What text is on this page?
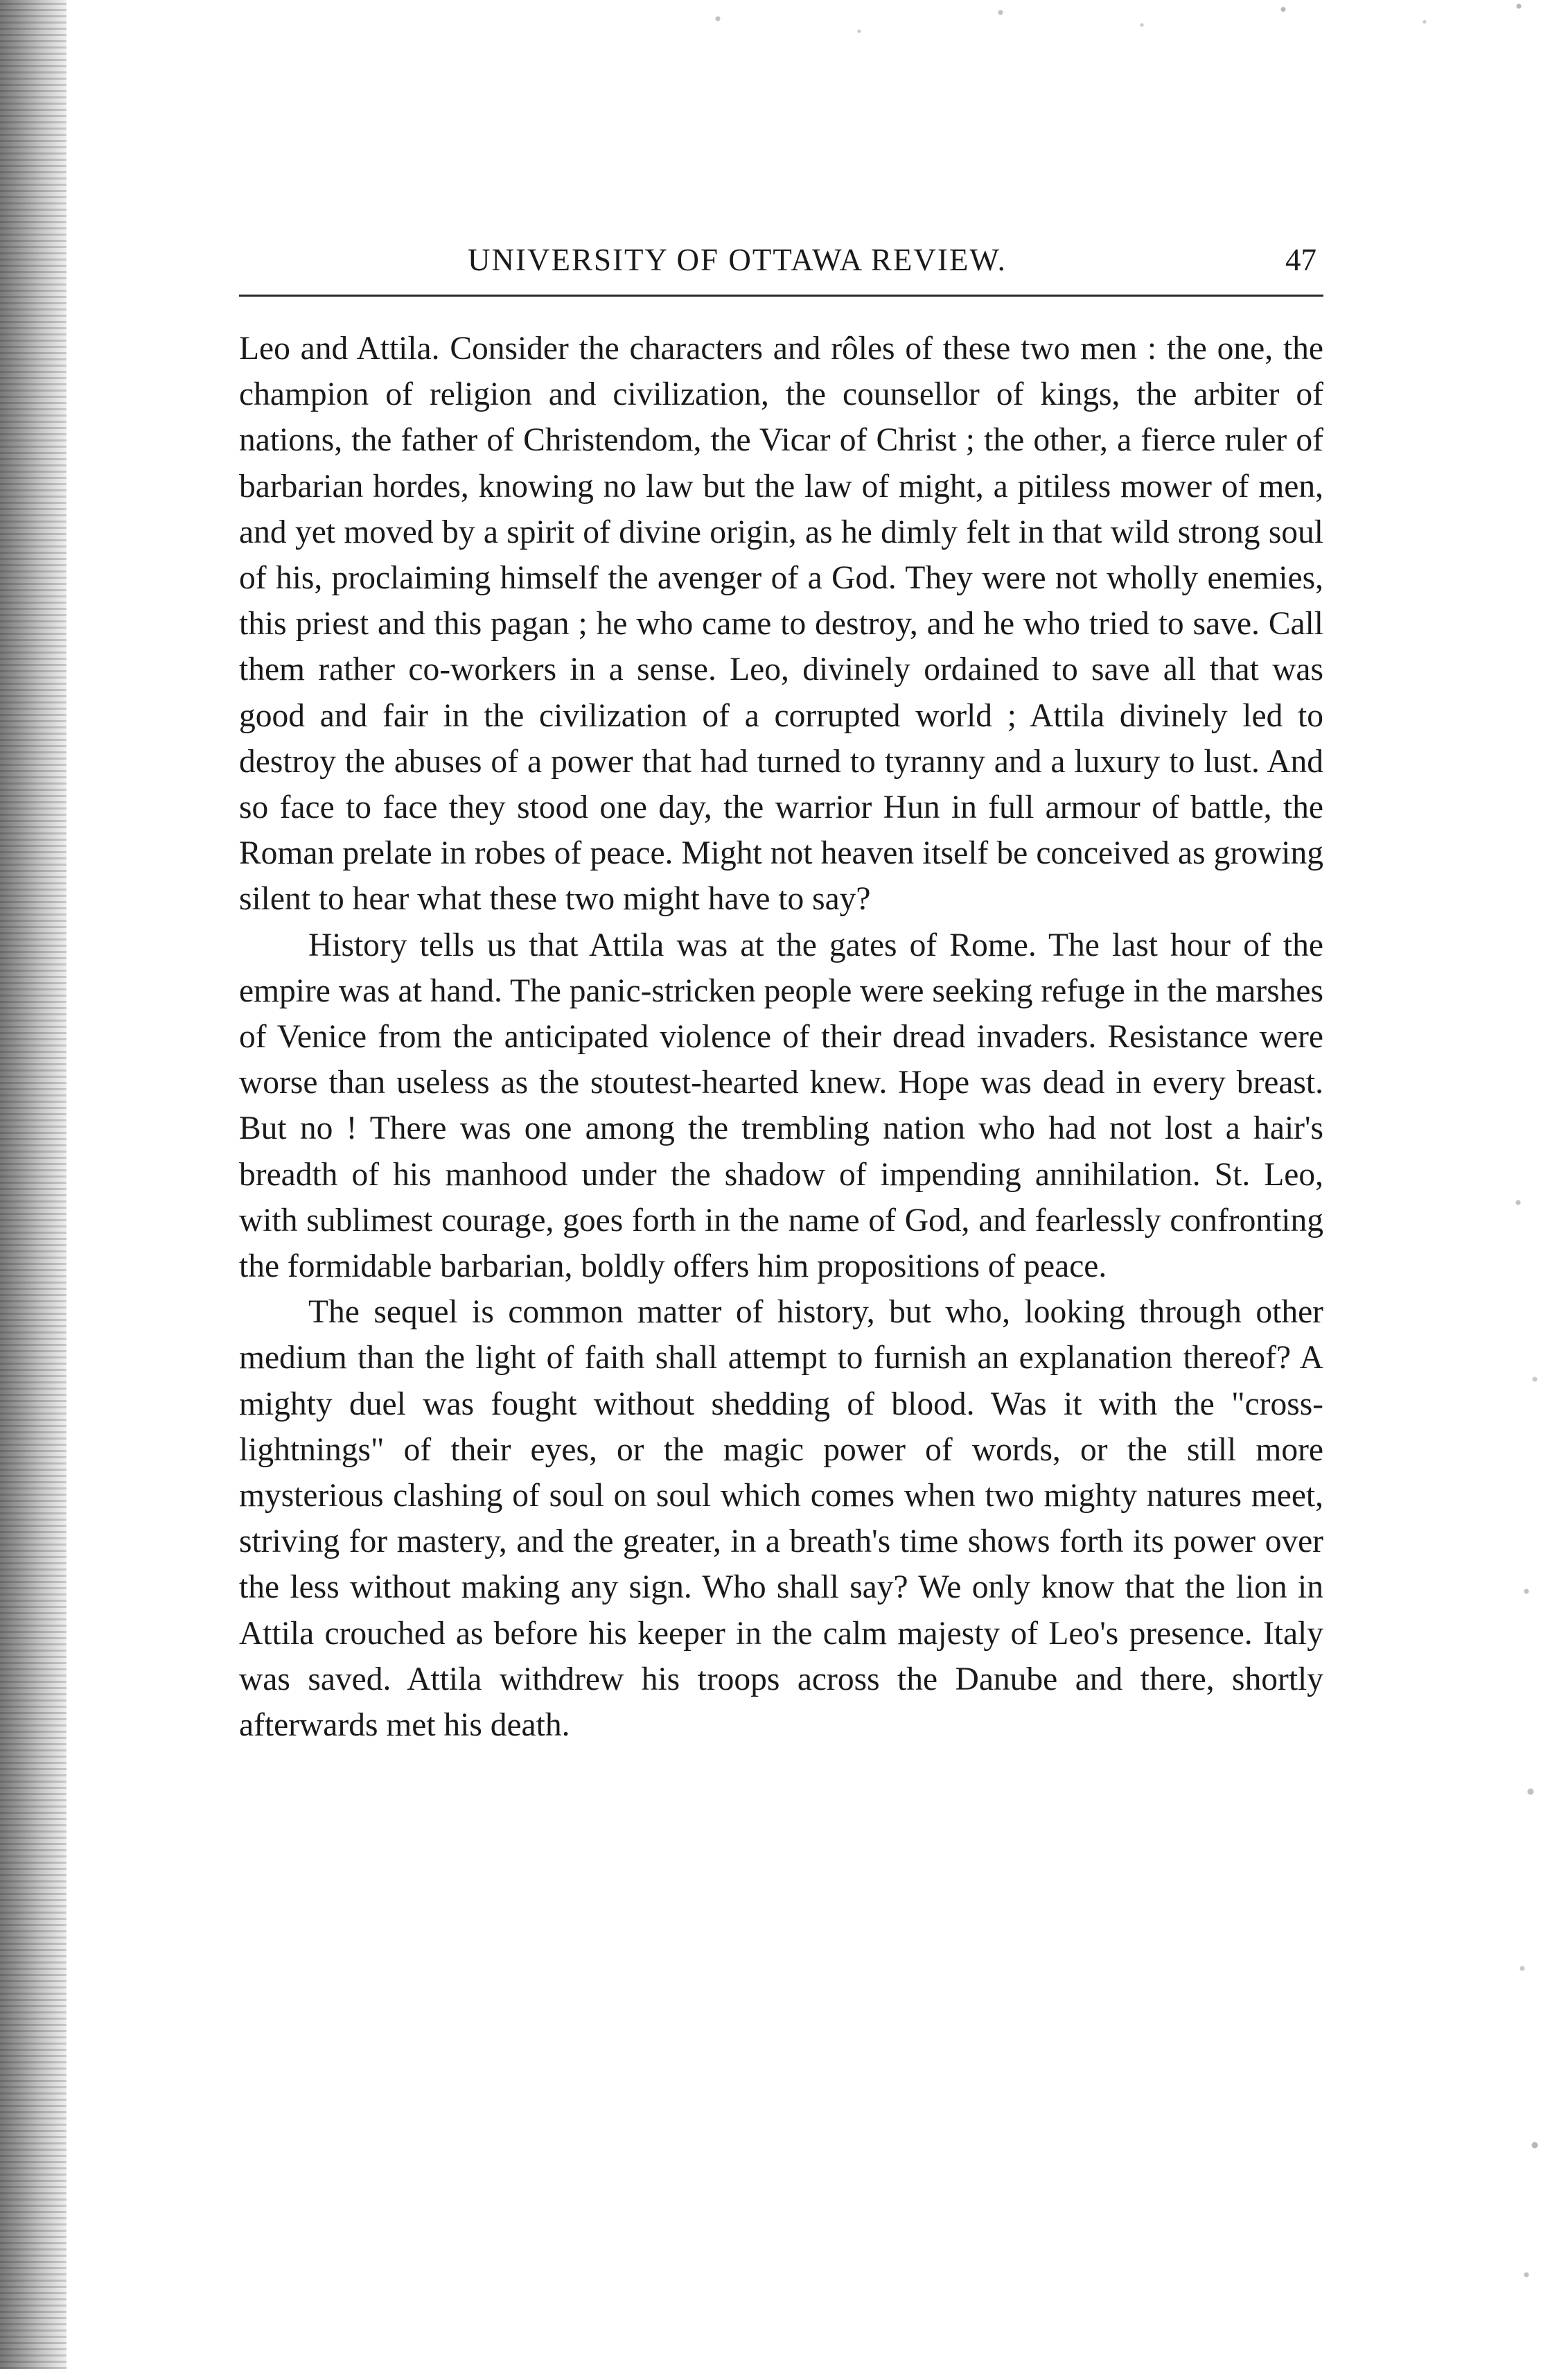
UNIVERSITY OF OTTAWA REVIEW.	47

Leo and Attila. Consider the characters and rôles of these two men : the one, the champion of religion and civilization, the counsellor of kings, the arbiter of nations, the father of Christendom, the Vicar of Christ ; the other, a fierce ruler of barbarian hordes, knowing no law but the law of might, a pitiless mower of men, and yet moved by a spirit of divine origin, as he dimly felt in that wild strong soul of his, proclaiming himself the avenger of a God. They were not wholly enemies, this priest and this pagan ; he who came to destroy, and he who tried to save. Call them rather co-workers in a sense. Leo, divinely ordained to save all that was good and fair in the civilization of a corrupted world ; Attila divinely led to destroy the abuses of a power that had turned to tyranny and a luxury to lust. And so face to face they stood one day, the warrior Hun in full armour of battle, the Roman prelate in robes of peace. Might not heaven itself be conceived as growing silent to hear what these two might have to say?

History tells us that Attila was at the gates of Rome. The last hour of the empire was at hand. The panic-stricken people were seeking refuge in the marshes of Venice from the anticipated violence of their dread invaders. Resistance were worse than useless as the stoutest-hearted knew. Hope was dead in every breast. But no ! There was one among the trembling nation who had not lost a hair's breadth of his manhood under the shadow of impending annihilation. St. Leo, with sublimest courage, goes forth in the name of God, and fearlessly confronting the formidable barbarian, boldly offers him propositions of peace.

The sequel is common matter of history, but who, looking through other medium than the light of faith shall attempt to furnish an explanation thereof? A mighty duel was fought without shedding of blood. Was it with the "cross-lightnings" of their eyes, or the magic power of words, or the still more mysterious clashing of soul on soul which comes when two mighty natures meet, striving for mastery, and the greater, in a breath's time shows forth its power over the less without making any sign. Who shall say? We only know that the lion in Attila crouched as before his keeper in the calm majesty of Leo's presence. Italy was saved. Attila withdrew his troops across the Danube and there, shortly afterwards met his death.
